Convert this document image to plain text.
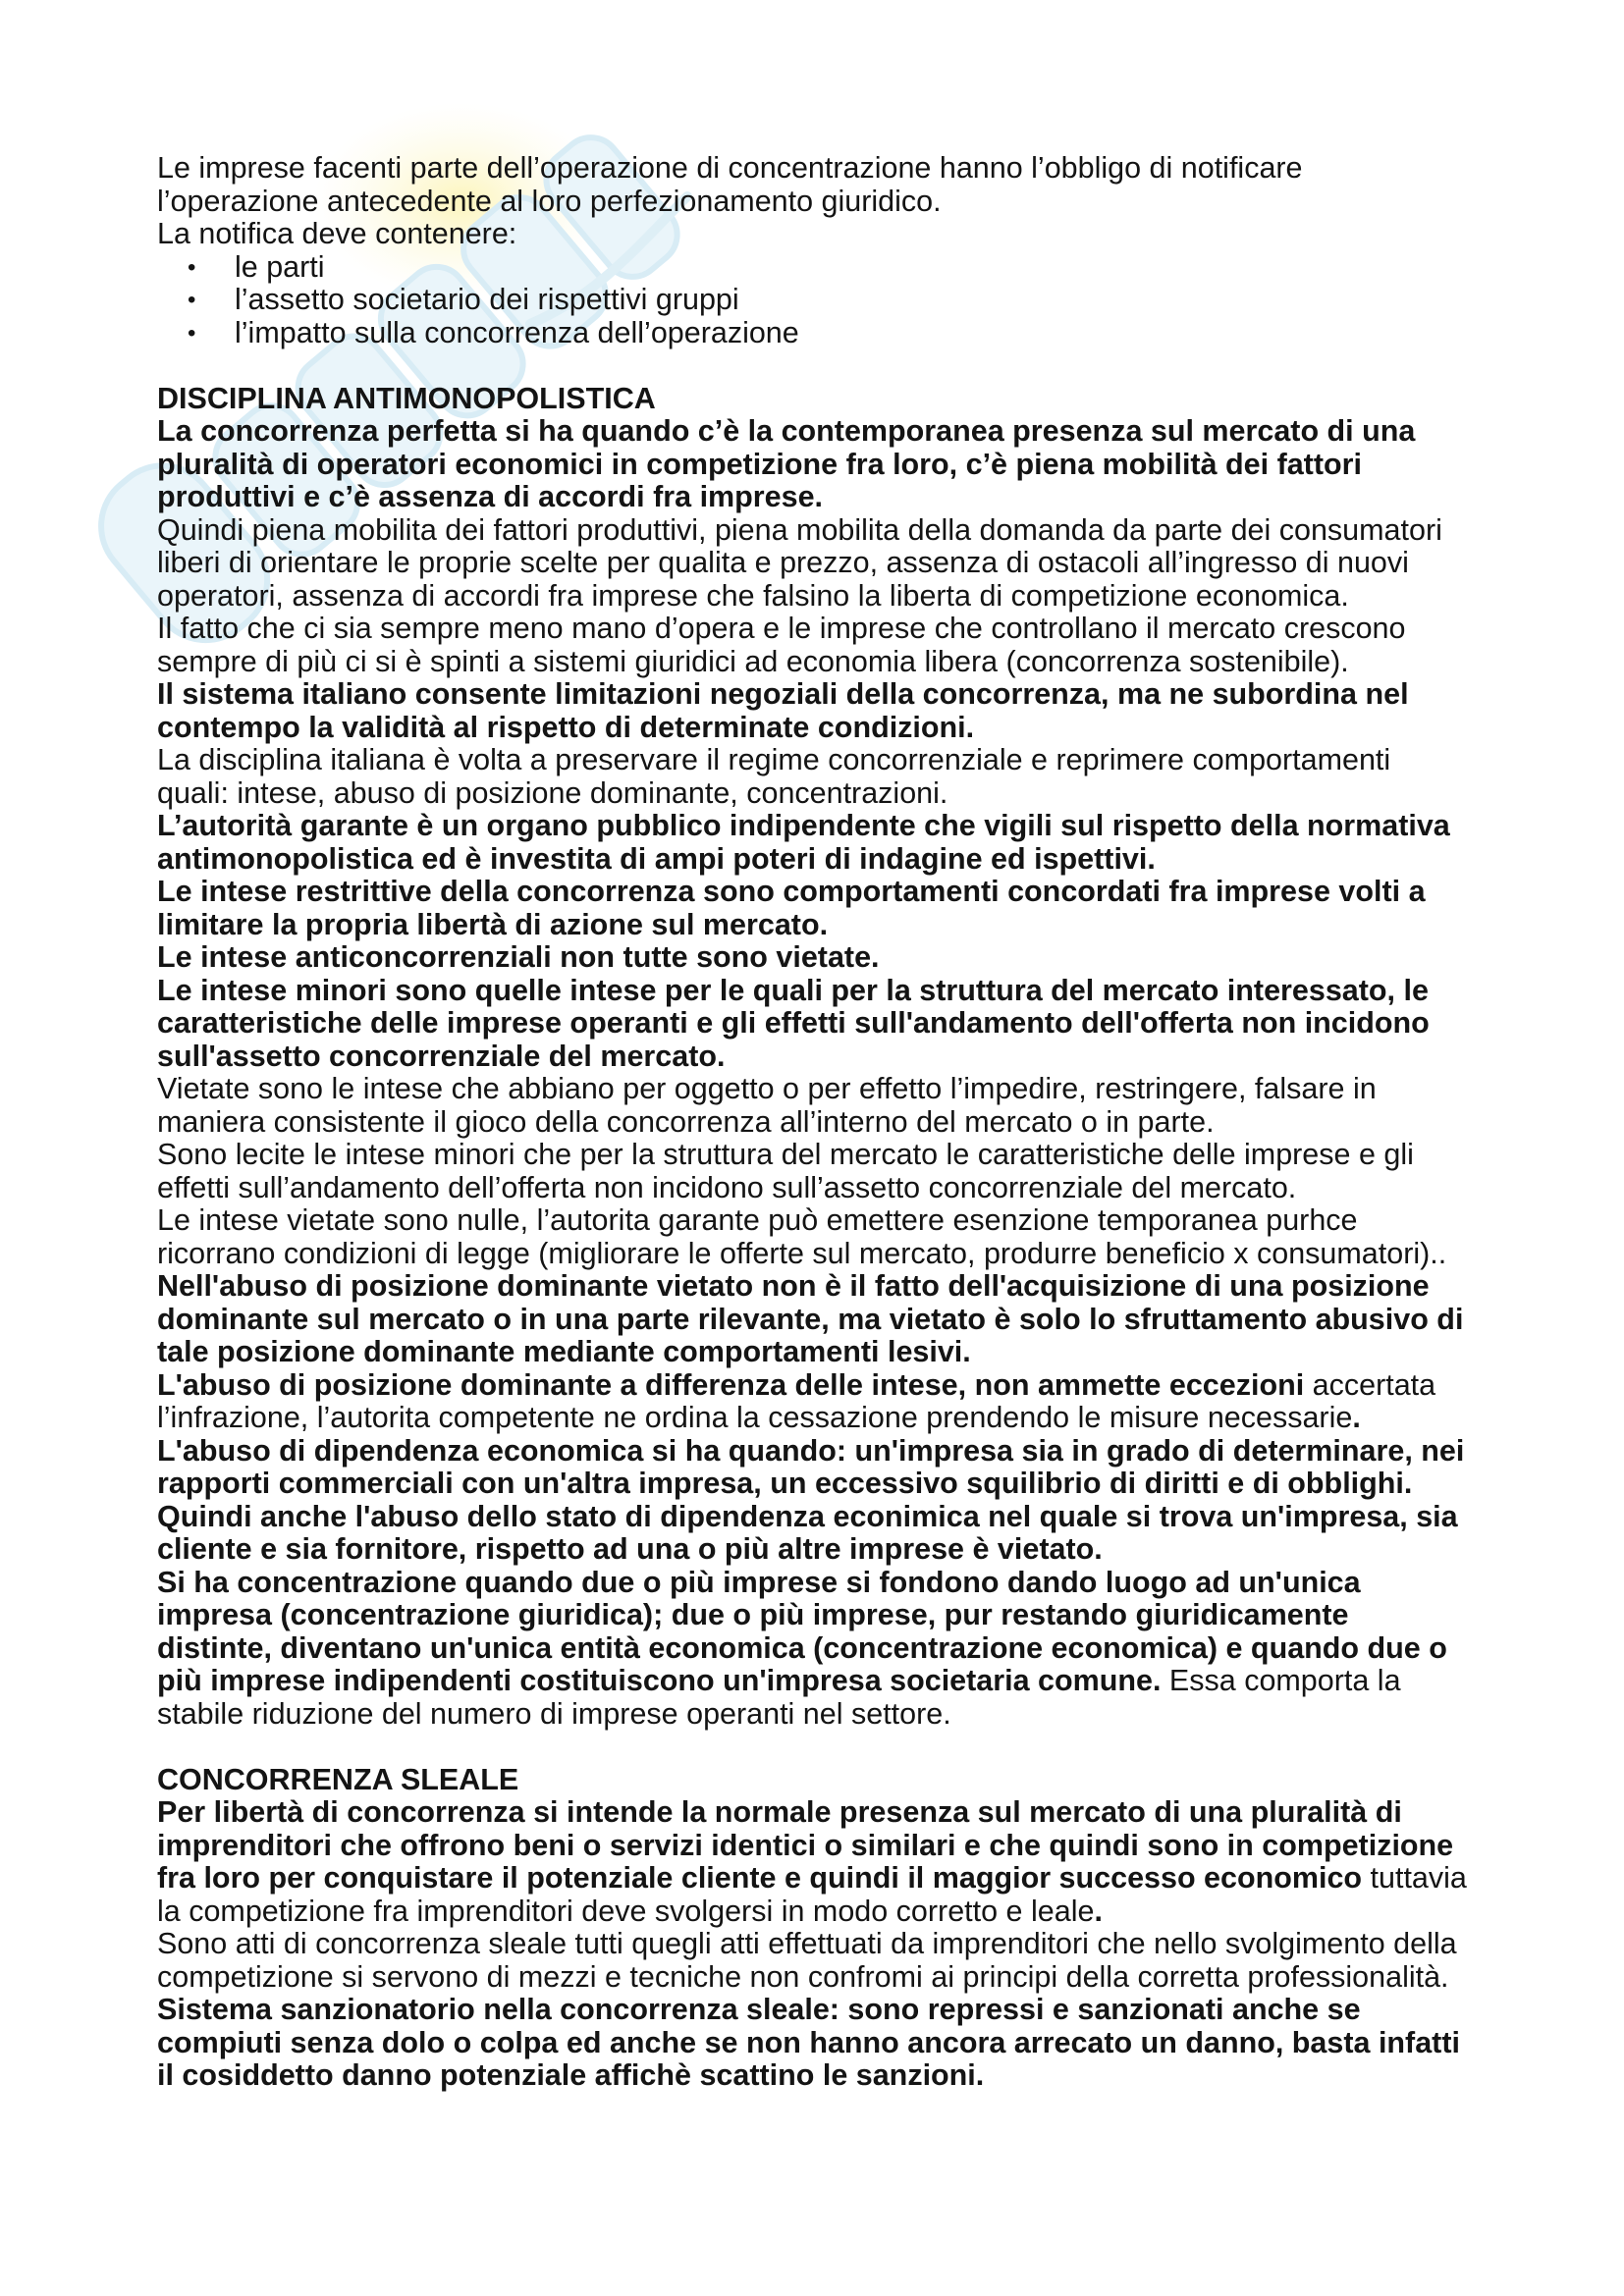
Le imprese facenti parte dell’operazione di concentrazione hanno l’obbligo di notificare
l’operazione antecedente al loro perfezionamento giuridico.
La notifica deve contenere:
•
le parti
•
l’assetto societario dei rispettivi gruppi
•
l’impatto sulla concorrenza dell’operazione
DISCIPLINA ANTIMONOPOLISTICA
La concorrenza perfetta si ha quando c’è la contemporanea presenza sul mercato di una
pluralità di operatori economici in competizione fra loro, c’è piena mobilità dei fattori
produttivi e c’è assenza di accordi fra imprese.
Quindi piena mobilita dei fattori produttivi, piena mobilita della domanda da parte dei consumatori
liberi di orientare le proprie scelte per qualita e prezzo, assenza di ostacoli all’ingresso di nuovi
operatori, assenza di accordi fra imprese che falsino la liberta di competizione economica.
Il fatto che ci sia sempre meno mano d’opera e le imprese che controllano il mercato crescono
sempre di più ci si è spinti a sistemi giuridici ad economia libera (concorrenza sostenibile).
Il sistema italiano consente limitazioni negoziali della concorrenza, ma ne subordina nel
contempo la validità al rispetto di determinate condizioni.
La disciplina italiana è volta a preservare il regime concorrenziale e reprimere comportamenti
quali: intese, abuso di posizione dominante, concentrazioni.
L’autorità garante è un organo pubblico indipendente che vigili sul rispetto della normativa
antimonopolistica ed è investita di ampi poteri di indagine ed ispettivi.
Le intese restrittive della concorrenza sono comportamenti concordati fra imprese volti a
limitare la propria libertà di azione sul mercato.
Le intese anticoncorrenziali non tutte sono vietate.
Le intese minori sono quelle intese per le quali per la struttura del mercato interessato, le
caratteristiche delle imprese operanti e gli effetti sull'andamento dell'offerta non incidono
sull'assetto concorrenziale del mercato.
Vietate sono le intese che abbiano per oggetto o per effetto l’impedire, restringere, falsare in
maniera consistente il gioco della concorrenza all’interno del mercato o in parte.
Sono lecite le intese minori che per la struttura del mercato le caratteristiche delle imprese e gli
effetti sull’andamento dell’offerta non incidono sull’assetto concorrenziale del mercato.
Le intese vietate sono nulle, l’autorita garante può emettere esenzione temporanea purhce
ricorrano condizioni di legge (migliorare le offerte sul mercato, produrre beneficio x consumatori)..
Nell'abuso di posizione dominante vietato non è il fatto dell'acquisizione di una posizione
dominante sul mercato o in una parte rilevante, ma vietato è solo lo sfruttamento abusivo di
tale posizione dominante mediante comportamenti lesivi.
L'abuso di posizione dominante a differenza delle intese, non ammette eccezioni accertata
l’infrazione, l’autorita competente ne ordina la cessazione prendendo le misure necessarie.
L'abuso di dipendenza economica si ha quando: un'impresa sia in grado di determinare, nei
rapporti commerciali con un'altra impresa, un eccessivo squilibrio di diritti e di obblighi.
Quindi anche l'abuso dello stato di dipendenza econimica nel quale si trova un'impresa, sia
cliente e sia fornitore, rispetto ad una o più altre imprese è vietato.
Si ha concentrazione quando due o più imprese si fondono dando luogo ad un'unica
impresa (concentrazione giuridica); due o più imprese, pur restando giuridicamente
distinte, diventano un'unica entità economica (concentrazione economica) e quando due o
più imprese indipendenti costituiscono un'impresa societaria comune. Essa comporta la
stabile riduzione del numero di imprese operanti nel settore.
CONCORRENZA SLEALE
Per libertà di concorrenza si intende la normale presenza sul mercato di una pluralità di
imprenditori che offrono beni o servizi identici o similari e che quindi sono in competizione
fra loro per conquistare il potenziale cliente e quindi il maggior successo economico tuttavia
la competizione fra imprenditori deve svolgersi in modo corretto e leale.
Sono atti di concorrenza sleale tutti quegli atti effettuati da imprenditori che nello svolgimento della
competizione si servono di mezzi e tecniche non confromi ai principi della corretta professionalità.
Sistema sanzionatorio nella concorrenza sleale: sono repressi e sanzionati anche se
compiuti senza dolo o colpa ed anche se non hanno ancora arrecato un danno, basta infatti
il cosiddetto danno potenziale affichè scattino le sanzioni.
